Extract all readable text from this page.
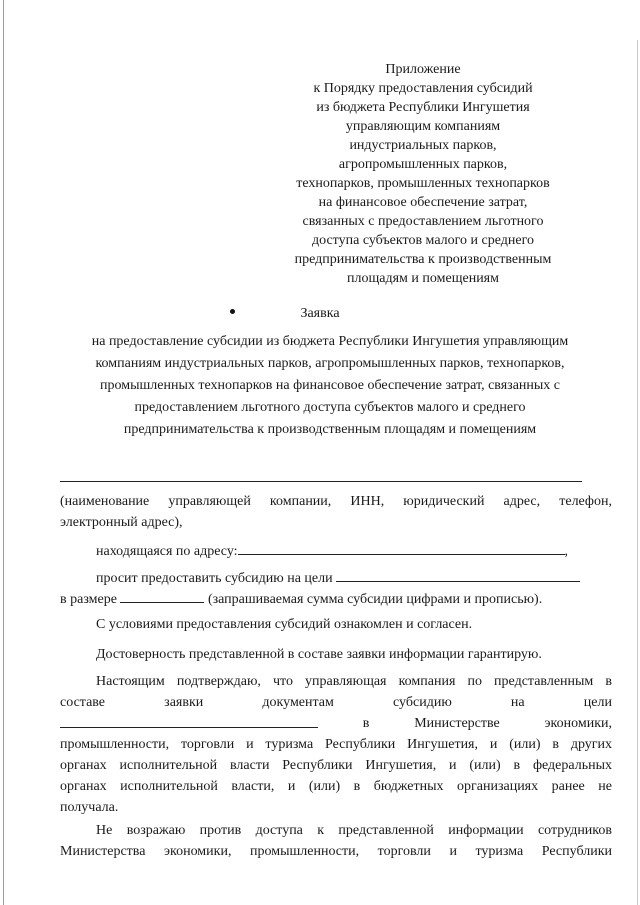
Приложение
к Порядку предоставления субсидий
из бюджета Республики Ингушетия
управляющим компаниям
индустриальных парков,
агропромышленных парков,
технопарков, промышленных технопарков
на финансовое обеспечение затрат,
связанных с предоставлением льготного
доступа субъектов малого и среднего
предпринимательства к производственным
площадям и помещениям
Заявка
на предоставление субсидии из бюджета Республики Ингушетия управляющим
компаниям индустриальных парков, агропромышленных парков, технопарков,
промышленных технопарков на финансовое обеспечение затрат, связанных с
предоставлением льготного доступа субъектов малого и среднего
предпринимательства к производственным площадям и помещениям
(наименование управляющей компании, ИНН, юридический адрес, телефон,
электронный адрес),
находящаяся по адресу:	,
просит предоставить субсидию на цели
в размере	(запрашиваемая сумма субсидии цифрами и прописью).
С условиями предоставления субсидий ознакомлен и согласен.
Достоверность представленной в составе заявки информации гарантирую.
Настоящим подтверждаю, что управляющая компания по представленным в
составе	заявки	документам	субсидию	на	цели
в	Министерстве	экономики,
промышленности, торговли и туризма Республики Ингушетия, и (или) в других
органах исполнительной власти Республики Ингушетия, и (или) в федеральных
органах исполнительной власти, и (или) в бюджетных организациях ранее не
получала.
Не возражаю против доступа к представленной информации сотрудников
Министерства экономики, промышленности, торговли и туризма Республики
